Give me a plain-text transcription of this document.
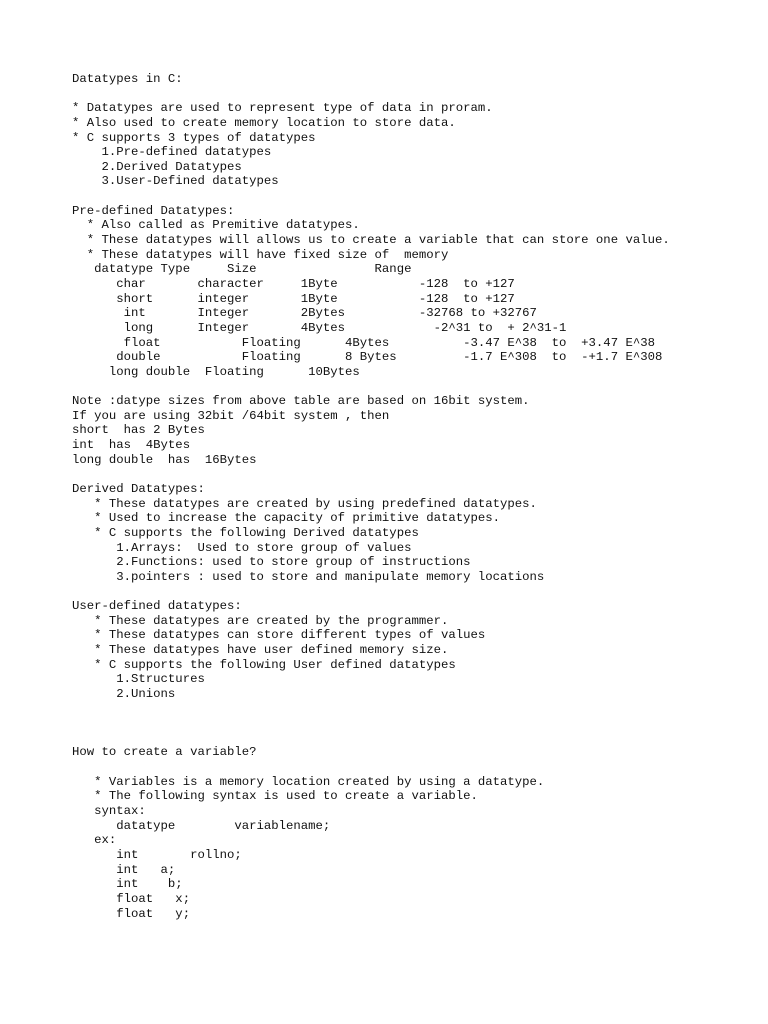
Datatypes in C:
* Datatypes are used to represent type of data in proram.
* Also used to create memory location to store data.
* C supports 3 types of datatypes
1.Pre-defined datatypes
2.Derived Datatypes
3.User-Defined datatypes
Pre-defined Datatypes:
* Also called as Premitive datatypes.
* These datatypes will allows us to create a variable that can store one value.
* These datatypes will have fixed size of  memory
datatype Type     Size                Range
char       character     1Byte           -128  to +127
short      integer       1Byte           -128  to +127
int       Integer       2Bytes          -32768 to +32767
long      Integer       4Bytes            -2^31 to  + 2^31-1
float           Floating      4Bytes          -3.47 E^38  to  +3.47 E^38
double           Floating      8 Bytes         -1.7 E^308  to  -+1.7 E^308
long double  Floating      10Bytes
Note :datype sizes from above table are based on 16bit system.
If you are using 32bit /64bit system , then
short  has 2 Bytes
int  has  4Bytes
long double  has  16Bytes
Derived Datatypes:
* These datatypes are created by using predefined datatypes.
* Used to increase the capacity of primitive datatypes.
* C supports the following Derived datatypes
1.Arrays:  Used to store group of values
2.Functions: used to store group of instructions
3.pointers : used to store and manipulate memory locations
User-defined datatypes:
* These datatypes are created by the programmer.
* These datatypes can store different types of values
* These datatypes have user defined memory size.
* C supports the following User defined datatypes
1.Structures
2.Unions
How to create a variable?
* Variables is a memory location created by using a datatype.
* The following syntax is used to create a variable.
syntax:
datatype        variablename;
ex:
int       rollno;
int   a;
int    b;
float   x;
float   y;
